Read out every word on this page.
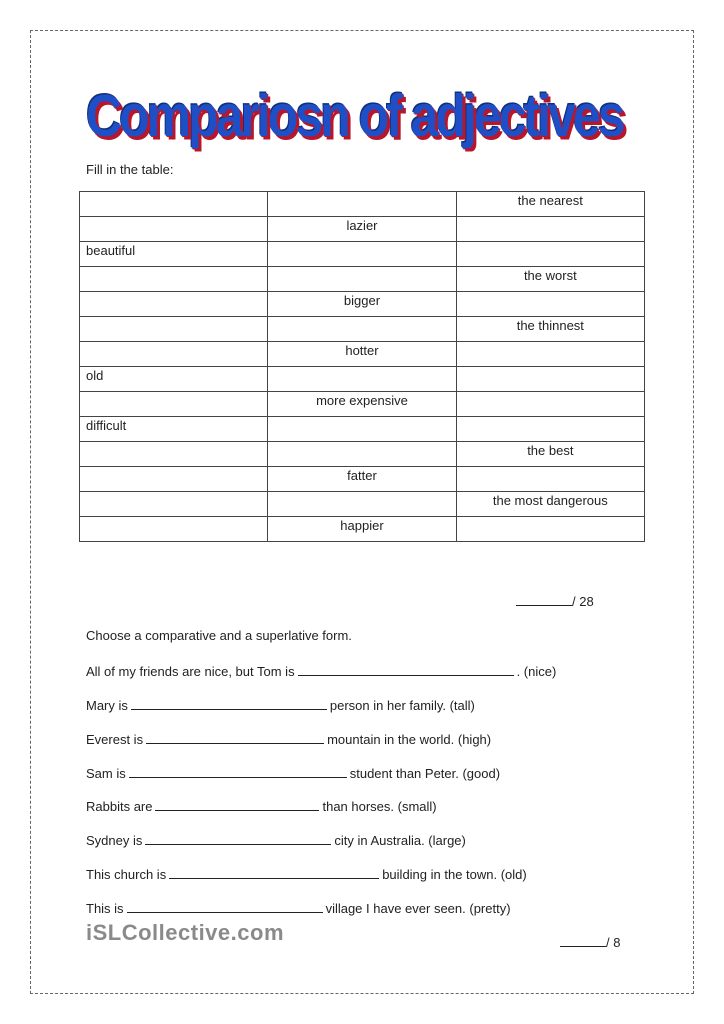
Compariosn of adjectives
Fill in the table:
		the nearest
	lazier	
beautiful		
		the worst
	bigger	
		the thinnest
	hotter	
old		
	more expensive	
difficult		
		the best
	fatter	
		the most dangerous
	happier	
/ 28
Choose a comparative and a superlative form.
All of my friends are nice, but Tom is	. (nice)
Mary is	person in her family. (tall)
Everest is	mountain in the world. (high)
Sam is	student than Peter. (good)
Rabbits are	than horses. (small)
Sydney is	city in Australia. (large)
This church is	building in the town. (old)
This is	village I have ever seen. (pretty)
iSLCollective.com	/ 8
